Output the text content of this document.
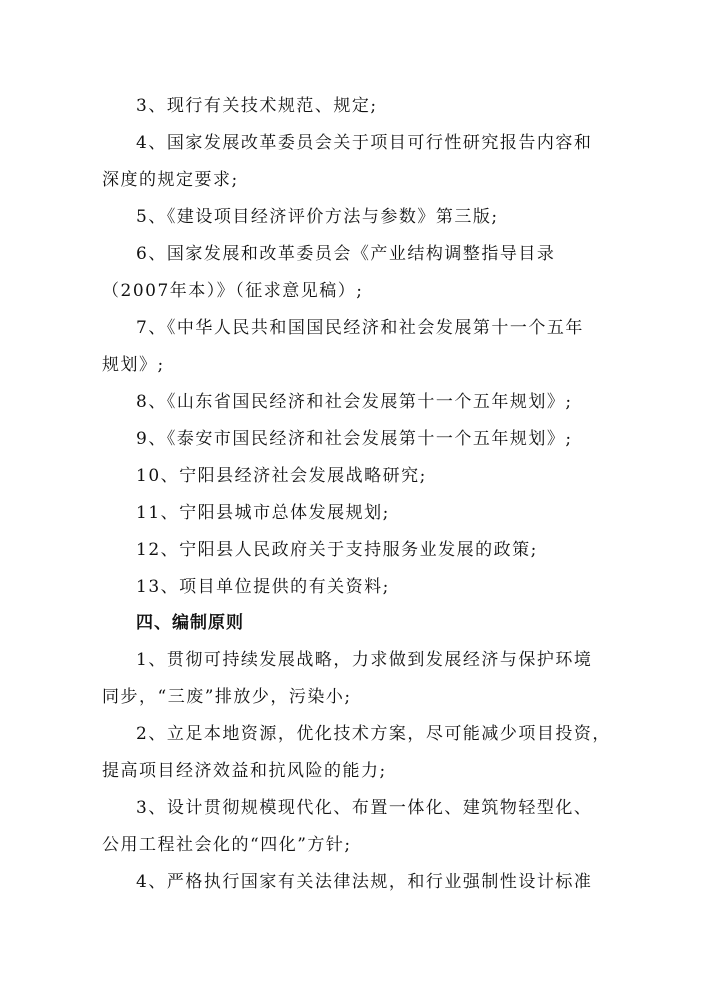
3、现行有关技术规范、规定;
4、国家发展改革委员会关于项目可行性研究报告内容和
深度的规定要求;
5、《建设项目经济评价方法与参数》第三版;
6、国家发展和改革委员会《产业结构调整指导目录
（2007年本）》（征求意见稿）;
7、《中华人民共和国国民经济和社会发展第十一个五年
规划》;
8、《山东省国民经济和社会发展第十一个五年规划》;
9、《泰安市国民经济和社会发展第十一个五年规划》;
10、宁阳县经济社会发展战略研究;
11、宁阳县城市总体发展规划;
12、宁阳县人民政府关于支持服务业发展的政策;
13、项目单位提供的有关资料;
四、编制原则
1、贯彻可持续发展战略，力求做到发展经济与保护环境
同步，“三废”排放少，污染小;
2、立足本地资源，优化技术方案，尽可能减少项目投资，
提高项目经济效益和抗风险的能力;
3、设计贯彻规模现代化、布置一体化、建筑物轻型化、
公用工程社会化的“四化”方针;
4、严格执行国家有关法律法规，和行业强制性设计标准
